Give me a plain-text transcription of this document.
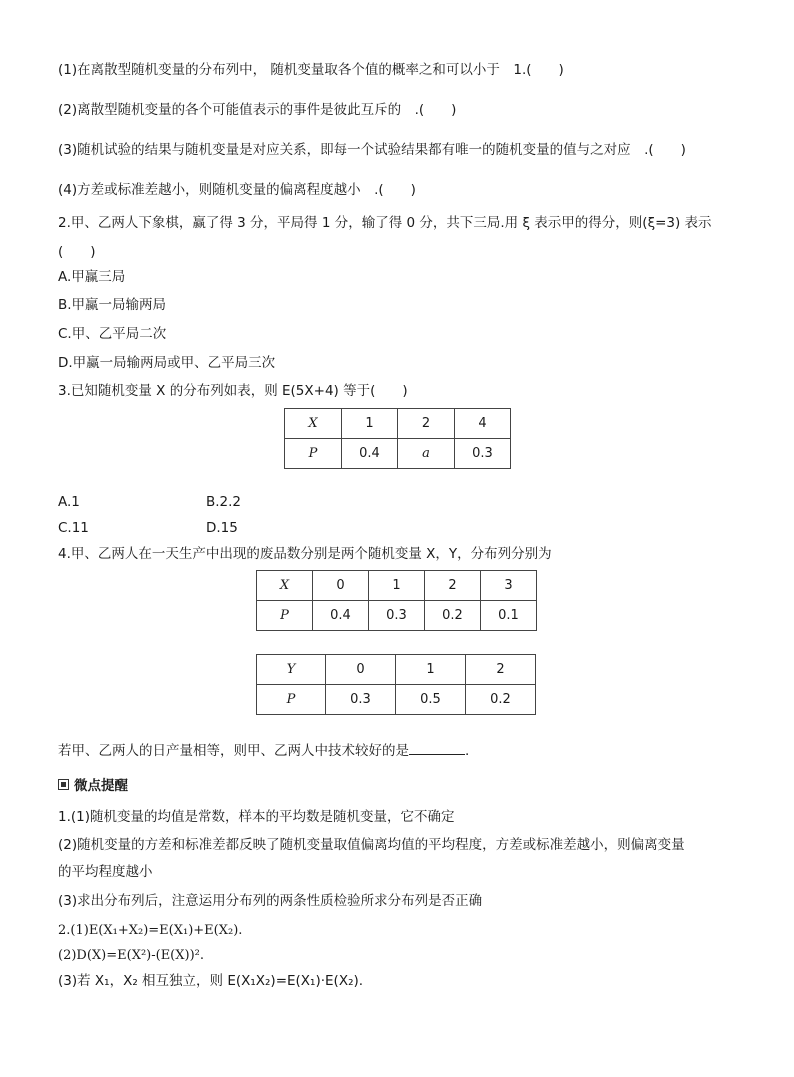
(1)在离散型随机变量的分布列中， 随机变量取各个值的概率之和可以小于　1.(　　)
(2)离散型随机变量的各个可能值表示的事件是彼此互斥的　.(　　)
(3)随机试验的结果与随机变量是对应关系，即每一个试验结果都有唯一的随机变量的值与之对应　.(　　)
(4)方差或标准差越小，则随机变量的偏离程度越小　.(　　)
2.甲、乙两人下象棋，赢了得 3 分，平局得 1 分，输了得 0 分，共下三局.用 ξ 表示甲的得分，则(ξ=3) 表示
(　　)
A.甲赢三局
B.甲赢一局输两局
C.甲、乙平局二次
D.甲赢一局输两局或甲、乙平局三次
3.已知随机变量 X 的分布列如表，则 E(5X+4) 等于(　　)
X	1	2	4
P	0.4	a	0.3
A.1	B.2.2
C.11	D.15
4.甲、乙两人在一天生产中出现的废品数分别是两个随机变量 X，Y，分布列分别为
X	0	1	2	3
P	0.4	0.3	0.2	0.1
Y	0	1	2
P	0.3	0.5	0.2
若甲、乙两人的日产量相等，则甲、乙两人中技术较好的是	.
微点提醒
1.(1)随机变量的均值是常数，样本的平均数是随机变量，它不确定
(2)随机变量的方差和标准差都反映了随机变量取值偏离均值的平均程度，方差或标准差越小，则偏离变量
的平均程度越小
(3)求出分布列后，注意运用分布列的两条性质检验所求分布列是否正确
2.(1)E(X₁+X₂)=E(X₁)+E(X₂).
(2)D(X)=E(X²)-(E(X))².
(3)若 X₁，X₂ 相互独立，则 E(X₁X₂)=E(X₁)·E(X₂).
